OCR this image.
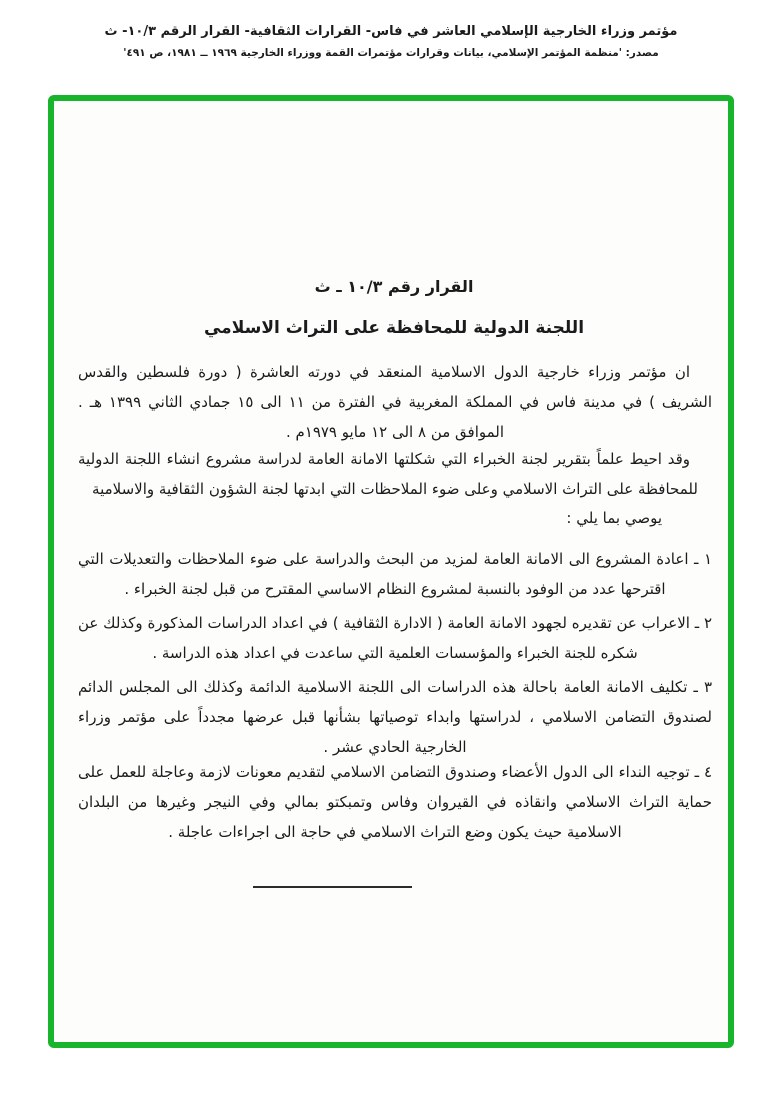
مؤتمر وزراء الخارجية الإسلامي العاشر في فاس- القرارات الثقافية- القرار الرقم ١٠/٣- ث
مصدر: 'منظمة المؤتمر الإسلامي، بيانات وقرارات مؤتمرات القمة ووزراء الخارجية ١٩٦٩ ــ ١٩٨١، ص ٤٩١'
القرار رقم ١٠/٣ ـ ث
اللجنة الدولية للمحافظة على التراث الاسلامي

ان مؤتمر وزراء خارجية الدول الاسلامية المنعقد في دورته العاشرة ( دورة فلسطين والقدس الشريف ) في مدينة فاس في المملكة المغربية في الفترة من ١١ الى ١٥ جمادي الثاني ١٣٩٩ هـ . الموافق من ٨ الى ١٢ مايو ١٩٧٩م .

وقد احيط علماً بتقرير لجنة الخبراء التي شكلتها الامانة العامة لدراسة مشروع انشاء اللجنة الدولية للمحافظة على التراث الاسلامي وعلى ضوء الملاحظات التي ابدتها لجنة الشؤون الثقافية والاسلامية

يوصي بما يلي :

١ ـ اعادة المشروع الى الامانة العامة لمزيد من البحث والدراسة على ضوء الملاحظات والتعديلات التي اقترحها عدد من الوفود بالنسبة لمشروع النظام الاساسي المقترح من قبل لجنة الخبراء .

٢ ـ الاعراب عن تقديره لجهود الامانة العامة ( الادارة الثقافية ) في اعداد الدراسات المذكورة وكذلك عن شكره للجنة الخبراء والمؤسسات العلمية التي ساعدت في اعداد هذه الدراسة .

٣ ـ تكليف الامانة العامة باحالة هذه الدراسات الى اللجنة الاسلامية الدائمة وكذلك الى المجلس الدائم لصندوق التضامن الاسلامي ، لدراستها وابداء توصياتها بشأنها قبل عرضها مجدداً على مؤتمر وزراء الخارجية الحادي عشر .

٤ ـ توجيه النداء الى الدول الأعضاء وصندوق التضامن الاسلامي لتقديم معونات لازمة وعاجلة للعمل على حماية التراث الاسلامي وانقاذه في القيروان وفاس وتمبكتو بمالي وفي النيجر وغيرها من البلدان الاسلامية حيث يكون وضع التراث الاسلامي في حاجة الى اجراءات عاجلة .
